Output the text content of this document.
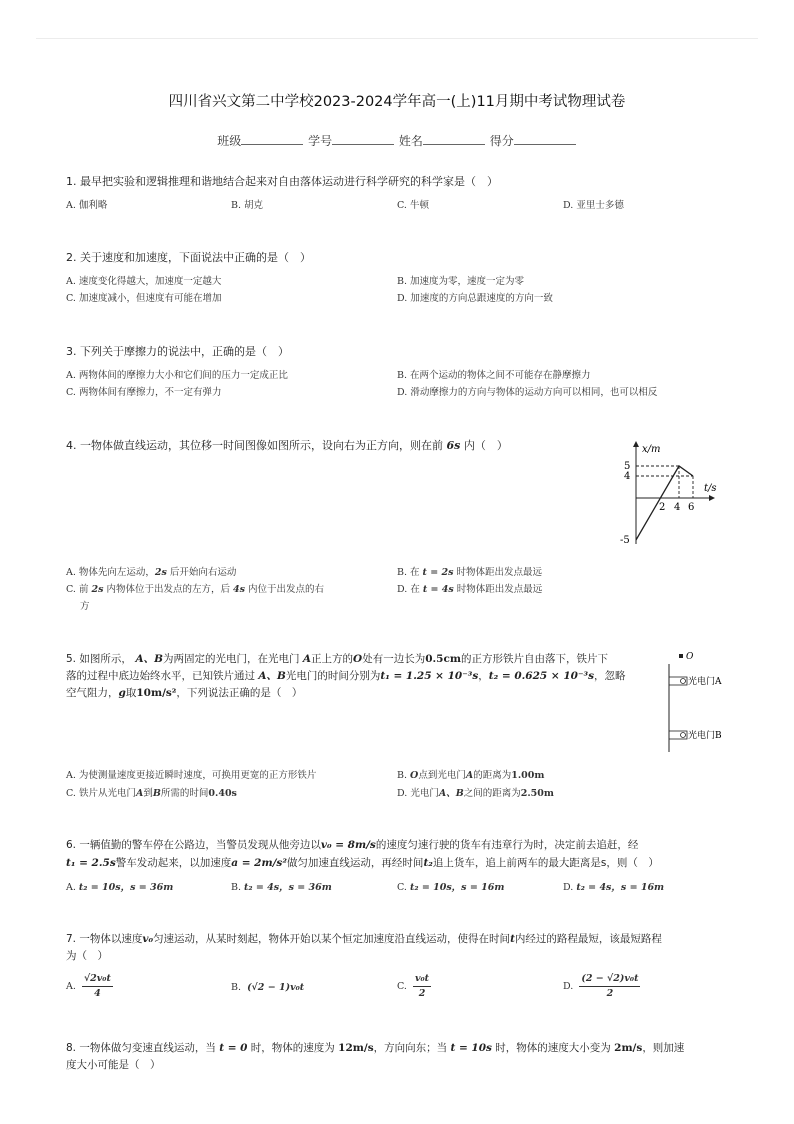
四川省兴文第二中学校2023-2024学年高一(上)11月期中考试物理试卷
班级	学号	姓名	得分
1. 最早把实验和逻辑推理和谐地结合起来对自由落体运动进行科学研究的科学家是（　）
A. 伽利略	B. 胡克	C. 牛顿	D. 亚里士多德
2. 关于速度和加速度，下面说法中正确的是（　）
A. 速度变化得越大，加速度一定越大	B. 加速度为零，速度一定为零
C. 加速度减小，但速度有可能在增加	D. 加速度的方向总跟速度的方向一致
3. 下列关于摩擦力的说法中，正确的是（　）
A. 两物体间的摩擦力大小和它们间的压力一定成正比	B. 在两个运动的物体之间不可能存在静摩擦力
C. 两物体间有摩擦力，不一定有弹力	D. 滑动摩擦力的方向与物体的运动方向可以相同，也可以相反
4. 一物体做直线运动，其位移一时间图像如图所示，设向右为正方向，则在前 6s 内（　）	x/m
t/s
5
4
-5
2 4 6
A. 物体先向左运动，2s 后开始向右运动	B. 在 t = 2s 时物体距出发点最远
C. 前 2s 内物体位于出发点的左方，后 4s 内位于出发点的右
方
D. 在 t = 4s 时物体距出发点最远
5. 如图所示， A、B为两固定的光电门，在光电门 A正上方的O处有一边长为0.5cm的正方形铁片自由落下，铁片下
落的过程中底边始终水平，已知铁片通过 A、B光电门的时间分别为t₁ = 1.25 × 10⁻³s，t₂ = 0.625 × 10⁻³s，忽略
空气阻力，g取10m/s²，下列说法正确的是（　）
O
光电门A
光电门B
A. 为使测量速度更接近瞬时速度，可换用更宽的正方形铁片	B. O点到光电门A的距离为1.00m
C. 铁片从光电门A到B所需的时间0.40s	D. 光电门A、B之间的距离为2.50m
6. 一辆值勤的警车停在公路边，当警员发现从他旁边以v₀ = 8m/s的速度匀速行驶的货车有违章行为时，决定前去追赶，经
t₁ = 2.5s警车发动起来，以加速度a = 2m/s²做匀加速直线运动，再经时间t₂追上货车，追上前两车的最大距离是s，则（　）
A. t₂ = 10s，s = 36m	B. t₂ = 4s，s = 36m	C. t₂ = 10s，s = 16m	D. t₂ = 4s，s = 16m
7. 一物体以速度v₀匀速运动，从某时刻起，物体开始以某个恒定加速度沿直线运动，使得在时间t内经过的路程最短，该最短路程
为（　）
A. $\frac{\text{√2v₀t}}{4}$	B. (√2 − 1)v₀t	C. $\frac{\text{v₀t}}{2}$	D. $\frac{\text{(2 − √2)v₀t}}{2}$
8. 一物体做匀变速直线运动，当 t = 0 时，物体的速度为 12m/s，方向向东；当 t = 10s 时，物体的速度大小变为 2m/s，则加速
度大小可能是（　）
